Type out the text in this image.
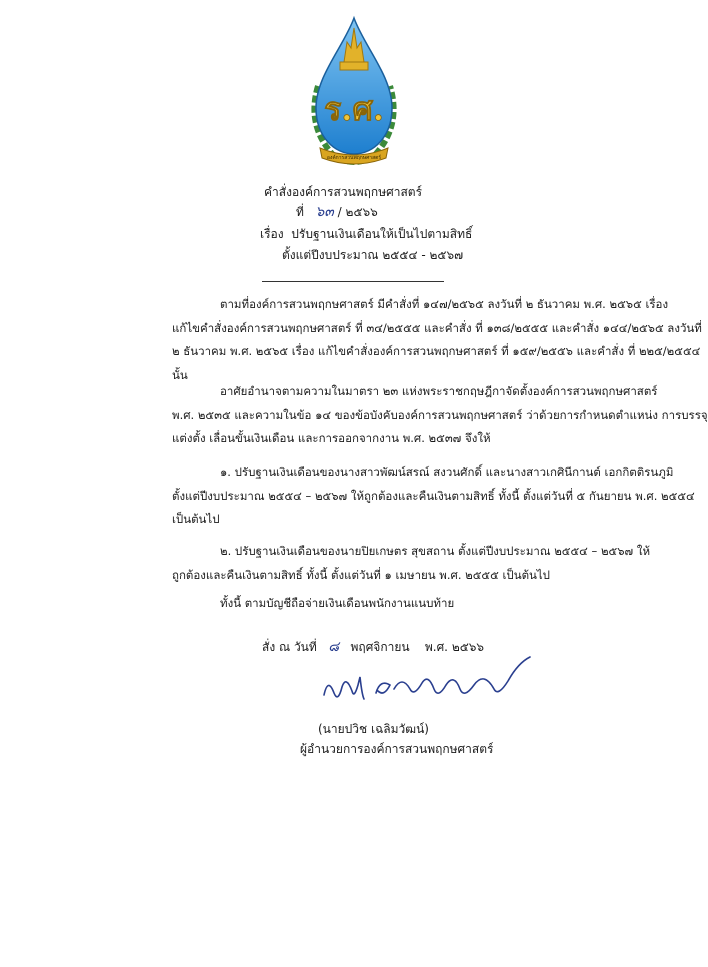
ร.ศ.
องค์การสวนพฤกษศาสตร์
คำสั่งองค์การสวนพฤกษศาสตร์
ที่ ๖๓ / ๒๕๖๖
เรื่อง ปรับฐานเงินเดือนให้เป็นไปตามสิทธิ์
ตั้งแต่ปีงบประมาณ ๒๕๕๔ - ๒๕๖๗
ตามที่องค์การสวนพฤกษศาสตร์ มีคำสั่งที่ ๑๔๗/๒๕๖๕ ลงวันที่ ๒ ธันวาคม พ.ศ. ๒๕๖๕ เรื่อง
แก้ไขคำสั่งองค์การสวนพฤกษศาสตร์ ที่ ๓๔/๒๕๕๕ และคำสั่ง ที่ ๑๓๘/๒๕๕๕ และคำสั่ง ๑๔๔/๒๕๖๕ ลงวันที่
๒ ธันวาคม พ.ศ. ๒๕๖๕ เรื่อง แก้ไขคำสั่งองค์การสวนพฤกษศาสตร์ ที่ ๑๕๙/๒๕๕๖ และคำสั่ง ที่ ๒๒๕/๒๕๕๔
นั้น
อาศัยอำนาจตามความในมาตรา ๒๓ แห่งพระราชกฤษฎีกาจัดตั้งองค์การสวนพฤกษศาสตร์
พ.ศ. ๒๕๓๕ และความในข้อ ๑๔ ของข้อบังคับองค์การสวนพฤกษศาสตร์ ว่าด้วยการกำหนดตำแหน่ง การบรรจุ
แต่งตั้ง เลื่อนขั้นเงินเดือน และการออกจากงาน พ.ศ. ๒๕๓๗ จึงให้
๑. ปรับฐานเงินเดือนของนางสาวพัฒน์สรณ์ สงวนศักดิ์ และนางสาวเกศินีกานต์ เอกกิตติรนภูมิ
ตั้งแต่ปีงบประมาณ ๒๕๕๔ – ๒๕๖๗ ให้ถูกต้องและคืนเงินตามสิทธิ์ ทั้งนี้ ตั้งแต่วันที่ ๕ กันยายน พ.ศ. ๒๕๕๔
เป็นต้นไป
๒. ปรับฐานเงินเดือนของนายปิยเกษตร สุขสถาน ตั้งแต่ปีงบประมาณ ๒๕๕๔ – ๒๕๖๗ ให้
ถูกต้องและคืนเงินตามสิทธิ์ ทั้งนี้ ตั้งแต่วันที่ ๑ เมษายน พ.ศ. ๒๕๕๕ เป็นต้นไป
ทั้งนี้ ตามบัญชีถือจ่ายเงินเดือนพนักงานแนบท้าย
สั่ง ณ วันที่ ๘ พฤศจิกายน พ.ศ. ๒๕๖๖
(นายปวิช เฉลิมวัฒน์)
ผู้อำนวยการองค์การสวนพฤกษศาสตร์
